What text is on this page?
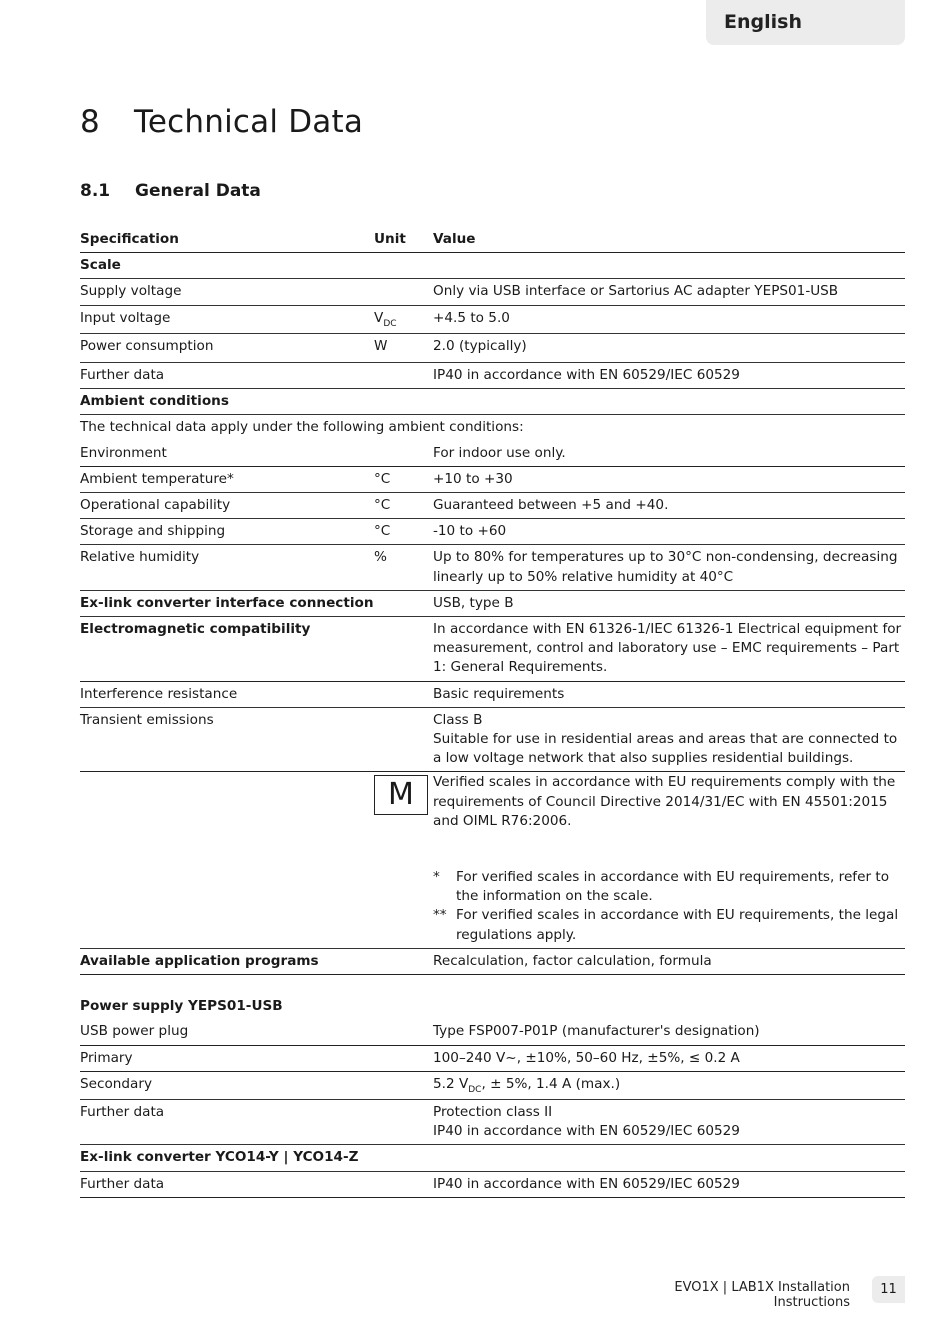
English
8	Technical Data
8.1	General Data
Specification	Unit	Value
Scale
Supply voltage	Only via USB interface or Sartorius AC adapter YEPS01-USB
Input voltage	$V_{DC}$	+4.5 to 5.0
Power consumption	W	2.0 (typically)
Further data	IP40 in accordance with EN 60529/IEC 60529
Ambient conditions
The technical data apply under the following ambient conditions:
Environment	For indoor use only.
Ambient temperature*	°C	+10 to +30
Operational capability	°C	Guaranteed between +5 and +40.
Storage and shipping	°C	-10 to +60
Relative humidity	%	Up to 80% for temperatures up to 30°C non-condensing, decreasing linearly up to 50% relative humidity at 40°C
Ex-link converter interface connection	USB, type B
Electromagnetic compatibility	In accordance with EN 61326-1/IEC 61326-1 Electrical equipment for measurement, control and laboratory use – EMC requirements – Part 1: General Requirements.
Interference resistance	Basic requirements
Transient emissions	Class B
Suitable for use in residential areas and areas that are connected to a low voltage network that also supplies residential buildings.
M	Verified scales in accordance with EU requirements comply with the requirements of Council Directive 2014/31/EC with EN 45501:2015 and OIML R76:2006.
*	For verified scales in accordance with EU requirements, refer to the information on the scale.
** For verified scales in accordance with EU requirements, the legal regulations apply.
Available application programs	Recalculation, factor calculation, formula
Power supply YEPS01-USB
USB power plug	Type FSP007-P01P (manufacturer's designation)
Primary	100–240 V~, ±10%, 50–60 Hz, ±5%, ≤ 0.2 A
Secondary	5.2 $V_{DC}$, ± 5%, 1.4 A (max.)
Further data	Protection class II
IP40 in accordance with EN 60529/IEC 60529
Ex-link converter YCO14-Y | YCO14-Z
Further data	IP40 in accordance with EN 60529/IEC 60529
EVO1X | LAB1X Installation Instructions
11
